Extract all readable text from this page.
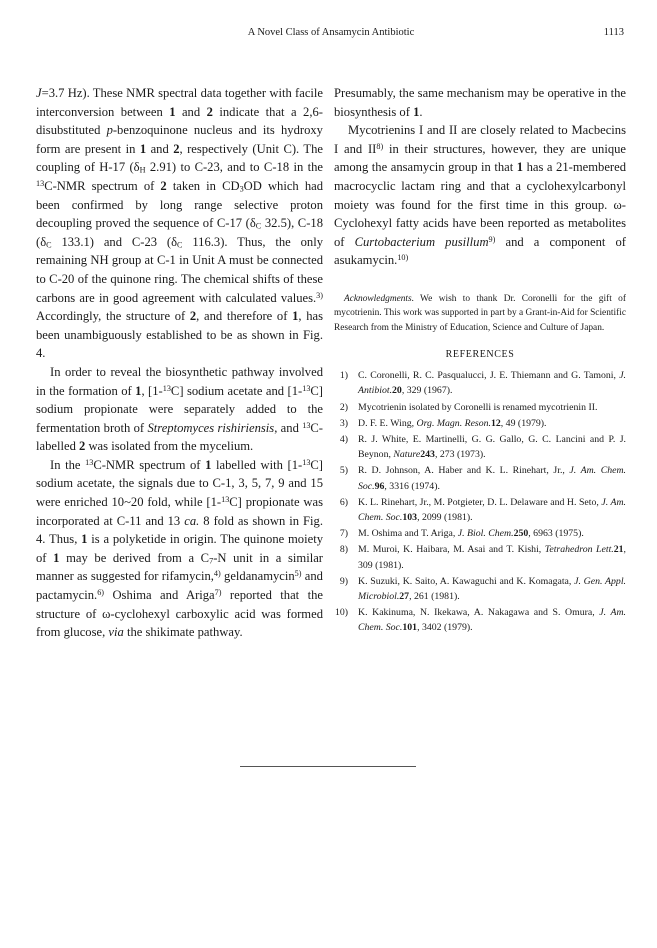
A Novel Class of Ansamycin Antibiotic	1113

J=3.7 Hz). These NMR spectral data together with facile interconversion between 1 and 2 indicate that a 2,6-disubstituted p-benzoquinone nucleus and its hydroxy form are present in 1 and 2, respectively (Unit C). The coupling of H-17 ($\delta_H$ 2.91) to C-23, and to C-18 in the $^{13}$C-NMR spectrum of 2 taken in $CD_3OD$ which had been confirmed by long range selective proton decoupling proved the sequence of C-17 ($\delta_C$ 32.5), C-18 ($\delta_C$ 133.1) and C-23 ($\delta_C$ 116.3). Thus, the only remaining NH group at C-1 in Unit A must be connected to C-20 of the quinone ring. The chemical shifts of these carbons are in good agreement with calculated values.$^{3)}$ Accordingly, the structure of 2, and therefore of 1, has been unambiguously established to be as shown in Fig. 4.

In order to reveal the biosynthetic pathway involved in the formation of 1, [1-$^{13}$C] sodium acetate and [1-$^{13}$C] sodium propionate were separately added to the fermentation broth of Streptomyces rishiriensis, and $^{13}$C-labelled 2 was isolated from the mycelium.

In the $^{13}$C-NMR spectrum of 1 labelled with [1-$^{13}$C] sodium acetate, the signals due to C-1, 3, 5, 7, 9 and 15 were enriched 10~20 fold, while [1-$^{13}$C] propionate was incorporated at C-11 and 13 ca. 8 fold as shown in Fig. 4. Thus, 1 is a polyketide in origin. The quinone moiety of 1 may be derived from a $C_7-N$ unit in a similar manner as suggested for rifamycin,$^{4)}$ geldanamycin$^{5)}$ and pactamycin.$^{6)}$ Oshima and Ariga$^{7)}$ reported that the structure of ω-cyclohexyl carboxylic acid was formed from glucose, via the shikimate pathway.

Presumably, the same mechanism may be operative in the biosynthesis of 1.

Mycotrienins I and II are closely related to Macbecins I and II$^{8)}$ in their structures, however, they are unique among the ansamycin group in that 1 has a 21-membered macrocyclic lactam ring and that a cyclohexylcarbonyl moiety was found for the first time in this group. ω-Cyclohexyl fatty acids have been reported as metabolites of Curtobacterium pusillum$^{9)}$ and a component of asukamycin.$^{10)}$

Acknowledgments. We wish to thank Dr. Coronelli for the gift of mycotrienin. This work was supported in part by a Grant-in-Aid for Scientific Research from the Ministry of Education, Science and Culture of Japan.

REFERENCES
1) C. Coronelli, R. C. Pasqualucci, J. E. Thiemann and G. Tamoni, J. Antibiot.20, 329 (1967).
2) Mycotrienin isolated by Coronelli is renamed mycotrienin II.
3) D. F. E. Wing, Org. Magn. Reson.12, 49 (1979).
4) R. J. White, E. Martinelli, G. G. Gallo, G. C. Lancini and P. J. Beynon, Nature243, 273 (1973).
5) R. D. Johnson, A. Haber and K. L. Rinehart, Jr., J. Am. Chem. Soc.96, 3316 (1974).
6) K. L. Rinehart, Jr., M. Potgieter, D. L. Delaware and H. Seto, J. Am. Chem. Soc.103, 2099 (1981).
7) M. Oshima and T. Ariga, J. Biol. Chem.250, 6963 (1975).
8) M. Muroi, K. Haibara, M. Asai and T. Kishi, Tetrahedron Lett.21, 309 (1981).
9) K. Suzuki, K. Saito, A. Kawaguchi and K. Komagata, J. Gen. Appl. Microbiol.27, 261 (1981).
10) K. Kakinuma, N. Ikekawa, A. Nakagawa and S. Omura, J. Am. Chem. Soc.101, 3402 (1979).
